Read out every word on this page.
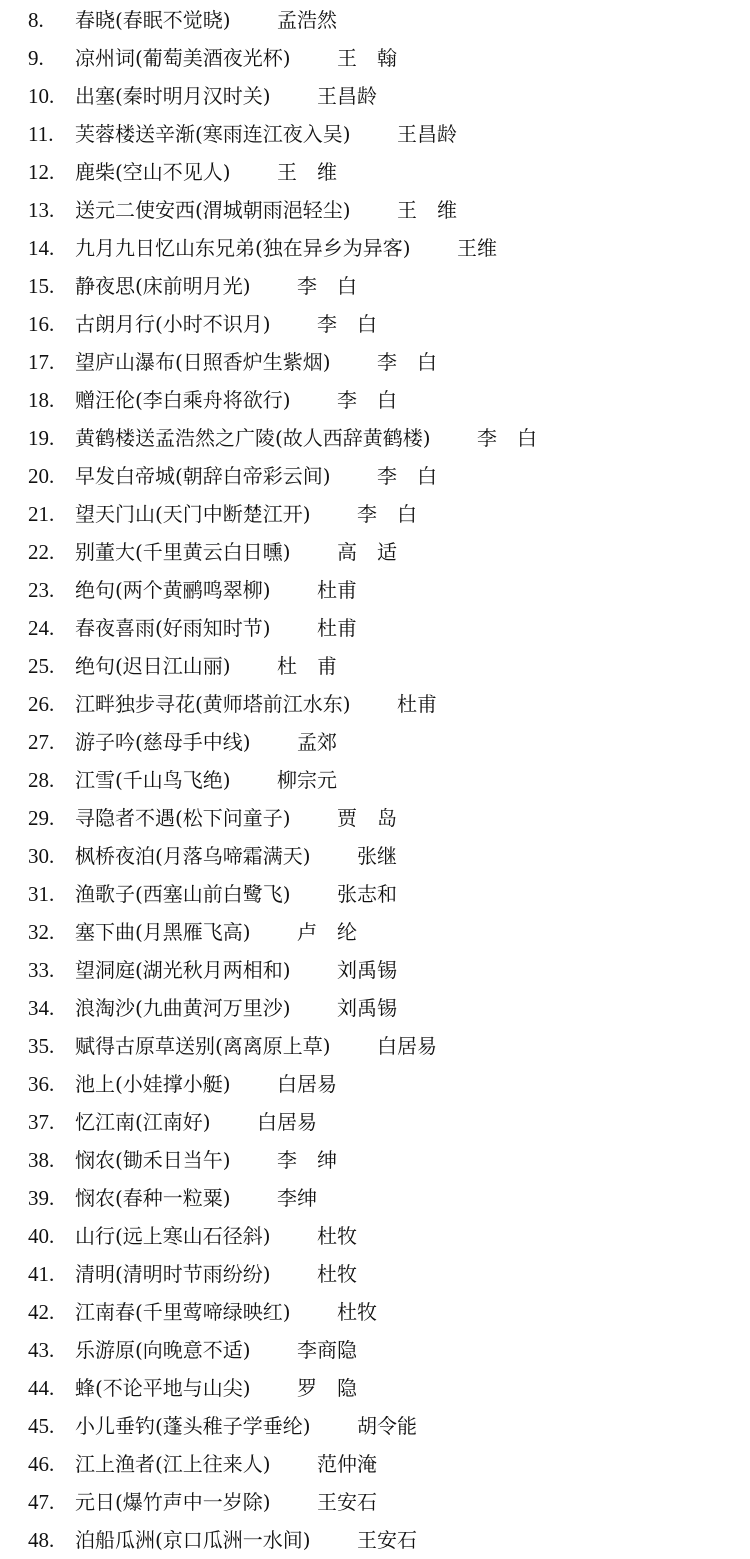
8. 春晓(春眠不觉晓) 孟浩然
9. 凉州词(葡萄美酒夜光杯) 王　翰
10. 出塞(秦时明月汉时关) 王昌龄
11. 芙蓉楼送辛渐(寒雨连江夜入吴) 王昌龄
12. 鹿柴(空山不见人) 王　维
13. 送元二使安西(渭城朝雨浥轻尘) 王　维
14. 九月九日忆山东兄弟(独在异乡为异客) 王维
15. 静夜思(床前明月光) 李　白
16. 古朗月行(小时不识月) 李　白
17. 望庐山瀑布(日照香炉生紫烟) 李　白
18. 赠汪伦(李白乘舟将欲行) 李　白
19. 黄鹤楼送孟浩然之广陵(故人西辞黄鹤楼) 李　白
20. 早发白帝城(朝辞白帝彩云间) 李　白
21. 望天门山(天门中断楚江开) 李　白
22. 别董大(千里黄云白日曛) 高　适
23. 绝句(两个黄鹂鸣翠柳) 杜甫
24. 春夜喜雨(好雨知时节) 杜甫
25. 绝句(迟日江山丽) 杜　甫
26. 江畔独步寻花(黄师塔前江水东) 杜甫
27. 游子吟(慈母手中线) 孟郊
28. 江雪(千山鸟飞绝) 柳宗元
29. 寻隐者不遇(松下问童子) 贾　岛
30. 枫桥夜泊(月落乌啼霜满天) 张继
31. 渔歌子(西塞山前白鹭飞) 张志和
32. 塞下曲(月黑雁飞高) 卢　纶
33. 望洞庭(湖光秋月两相和) 刘禹锡
34. 浪淘沙(九曲黄河万里沙) 刘禹锡
35. 赋得古原草送别(离离原上草) 白居易
36. 池上(小娃撑小艇) 白居易
37. 忆江南(江南好) 白居易
38. 悯农(锄禾日当午) 李　绅
39. 悯农(春种一粒粟) 李绅
40. 山行(远上寒山石径斜) 杜牧
41. 清明(清明时节雨纷纷) 杜牧
42. 江南春(千里莺啼绿映红) 杜牧
43. 乐游原(向晚意不适) 李商隐
44. 蜂(不论平地与山尖) 罗　隐
45. 小儿垂钓(蓬头稚子学垂纶) 胡令能
46. 江上渔者(江上往来人) 范仲淹
47. 元日(爆竹声中一岁除) 王安石
48. 泊船瓜洲(京口瓜洲一水间) 王安石
